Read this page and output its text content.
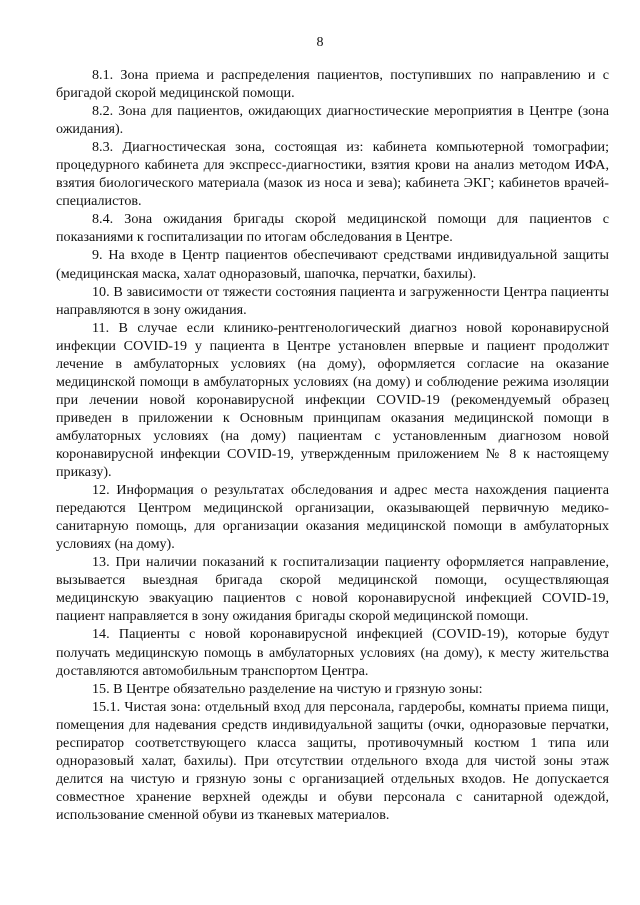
8

8.1. Зона приема и распределения пациентов, поступивших по направлению и с бригадой скорой медицинской помощи.

8.2. Зона для пациентов, ожидающих диагностические мероприятия в Центре (зона ожидания).

8.3. Диагностическая зона, состоящая из: кабинета компьютерной томографии; процедурного кабинета для экспресс-диагностики, взятия крови на анализ методом ИФА, взятия биологического материала (мазок из носа и зева); кабинета ЭКГ; кабинетов врачей-специалистов.

8.4. Зона ожидания бригады скорой медицинской помощи для пациентов с показаниями к госпитализации по итогам обследования в Центре.

9. На входе в Центр пациентов обеспечивают средствами индивидуальной защиты (медицинская маска, халат одноразовый, шапочка, перчатки, бахилы).

10. В зависимости от тяжести состояния пациента и загруженности Центра пациенты направляются в зону ожидания.

11. В случае если клинико-рентгенологический диагноз новой коронавирусной инфекции COVID-19 у пациента в Центре установлен впервые и пациент продолжит лечение в амбулаторных условиях (на дому), оформляется согласие на оказание медицинской помощи в амбулаторных условиях (на дому) и соблюдение режима изоляции при лечении новой коронавирусной инфекции COVID-19 (рекомендуемый образец приведен в приложении к Основным принципам оказания медицинской помощи в амбулаторных условиях (на дому) пациентам с установленным диагнозом новой коронавирусной инфекции COVID-19, утвержденным приложением № 8 к настоящему приказу).

12. Информация о результатах обследования и адрес места нахождения пациента передаются Центром медицинской организации, оказывающей первичную медико-санитарную помощь, для организации оказания медицинской помощи в амбулаторных условиях (на дому).

13. При наличии показаний к госпитализации пациенту оформляется направление, вызывается выездная бригада скорой медицинской помощи, осуществляющая медицинскую эвакуацию пациентов с новой коронавирусной инфекцией COVID-19, пациент направляется в зону ожидания бригады скорой медицинской помощи.

14. Пациенты с новой коронавирусной инфекцией (COVID-19), которые будут получать медицинскую помощь в амбулаторных условиях (на дому), к месту жительства доставляются автомобильным транспортом Центра.

15. В Центре обязательно разделение на чистую и грязную зоны:

15.1. Чистая зона: отдельный вход для персонала, гардеробы, комнаты приема пищи, помещения для надевания средств индивидуальной защиты (очки, одноразовые перчатки, респиратор соответствующего класса защиты, противочумный костюм 1 типа или одноразовый халат, бахилы). При отсутствии отдельного входа для чистой зоны этаж делится на чистую и грязную зоны с организацией отдельных входов. Не допускается совместное хранение верхней одежды и обуви персонала с санитарной одеждой, использование сменной обуви из тканевых материалов.
